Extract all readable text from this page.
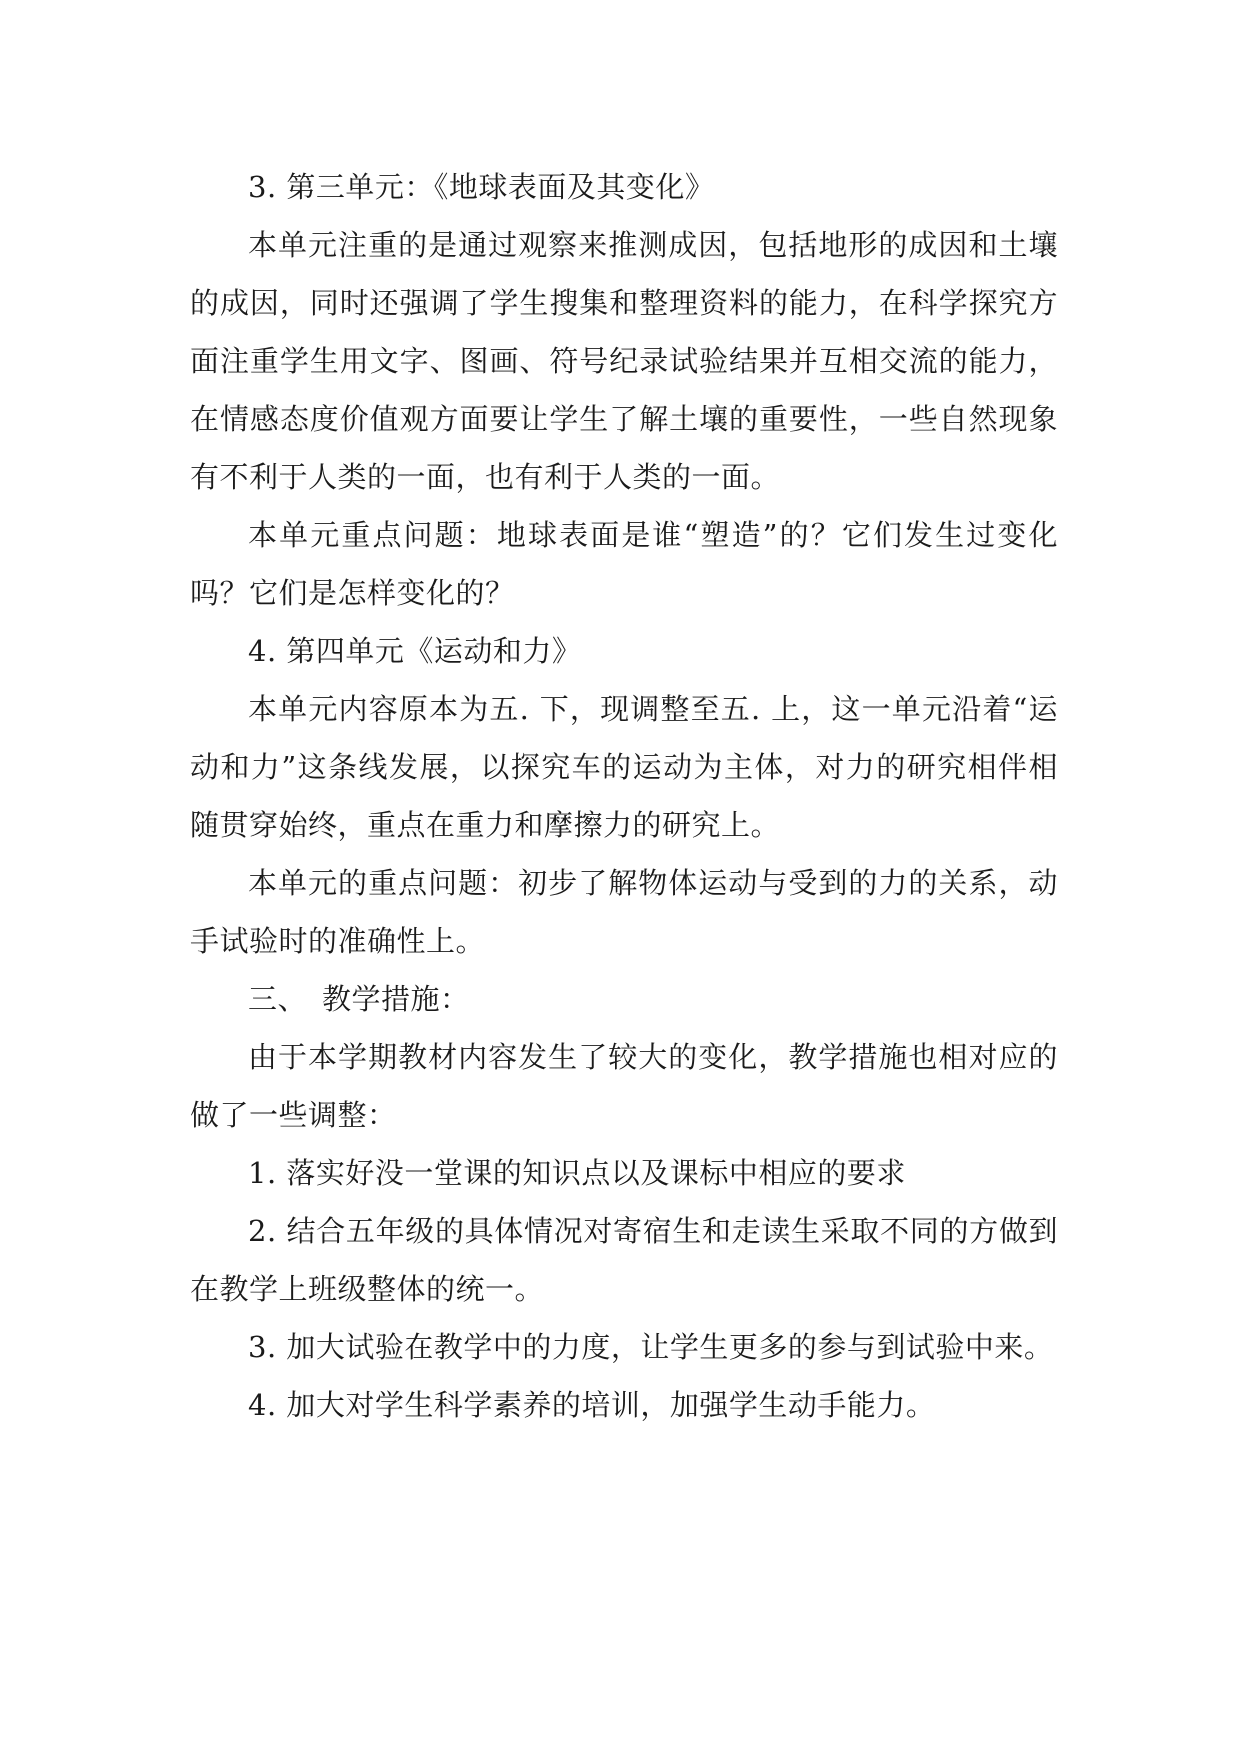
3. 第三单元：《地球表面及其变化》

本单元注重的是通过观察来推测成因，包括地形的成因和土壤的成因，同时还强调了学生搜集和整理资料的能力，在科学探究方面注重学生用文字、图画、符号纪录试验结果并互相交流的能力，在情感态度价值观方面要让学生了解土壤的重要性，一些自然现象有不利于人类的一面，也有利于人类的一面。

本单元重点问题：地球表面是谁“塑造”的？它们发生过变化吗？它们是怎样变化的？

4. 第四单元《运动和力》

本单元内容原本为五. 下，现调整至五. 上，这一单元沿着“运动和力”这条线发展，以探究车的运动为主体，对力的研究相伴相随贯穿始终，重点在重力和摩擦力的研究上。

本单元的重点问题：初步了解物体运动与受到的力的关系，动手试验时的准确性上。

三、　教学措施：

由于本学期教材内容发生了较大的变化，教学措施也相对应的做了一些调整：

1. 落实好没一堂课的知识点以及课标中相应的要求

2. 结合五年级的具体情况对寄宿生和走读生采取不同的方做到在教学上班级整体的统一。

3. 加大试验在教学中的力度，让学生更多的参与到试验中来。

4. 加大对学生科学素养的培训，加强学生动手能力。
